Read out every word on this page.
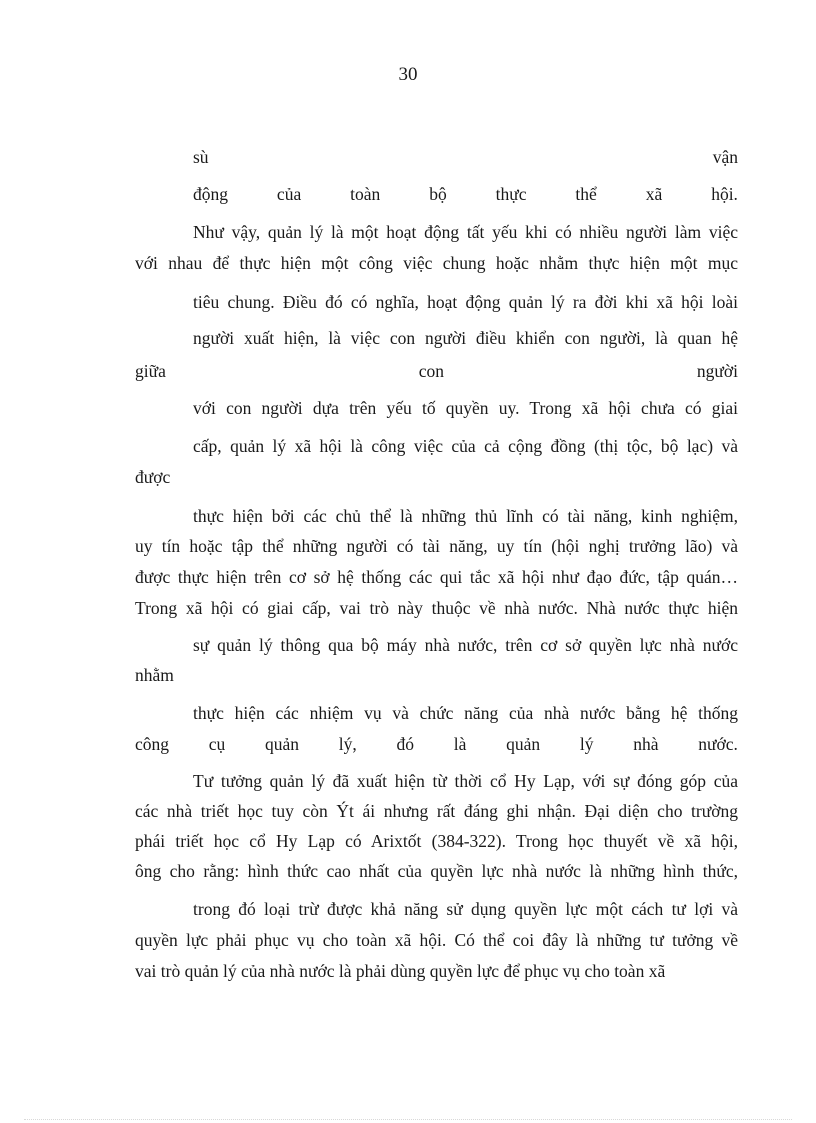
30
sù	vận
động	của	toàn	bộ	thực	thể	xã	hội.
Như vậy, quản lý là một hoạt động tất yếu khi có nhiều người làm việc
với nhau để thực hiện một công việc chung hoặc nhằm thực hiện một mục
tiêu chung. Điều đó có nghĩa, hoạt động quản lý ra đời khi xã hội loài
người xuất hiện, là việc con người điều khiển con người, là quan hệ
giữa	con	người
với con người dựa trên yếu tố quyền uy. Trong xã hội chưa có giai
cấp, quản lý xã hội là công việc của cả cộng đồng (thị tộc, bộ lạc) và
được
thực hiện bởi các chủ thể là những thủ lĩnh có tài năng, kinh nghiệm,
uy tín hoặc tập thể những người có tài năng, uy tín (hội nghị trưởng lão) và
được thực hiện trên cơ sở hệ thống các qui tắc xã hội như đạo đức, tập quán…
Trong xã hội có giai cấp, vai trò này thuộc về nhà nước. Nhà nước thực hiện
sự quản lý thông qua bộ máy nhà nước, trên cơ sở quyền lực nhà nước
nhằm
thực hiện các nhiệm vụ và chức năng của nhà nước bằng hệ thống
công cụ quản lý, đó là quản lý nhà nước.
Tư tưởng quản lý đã xuất hiện từ thời cổ Hy Lạp, với sự đóng góp của
các nhà triết học tuy còn Ýt ái nhưng rất đáng ghi nhận. Đại diện cho trường
phái triết học cổ Hy Lạp có Arixtốt (384-322). Trong học thuyết về xã hội,
ông cho rằng: hình thức cao nhất của quyền lực nhà nước là những hình thức,
trong đó loại trừ được khả năng sử dụng quyền lực một cách tư lợi và
quyền lực phải phục vụ cho toàn xã hội. Có thể coi đây là những tư tưởng về
vai trò quản lý của nhà nước là phải dùng quyền lực để phục vụ cho toàn xã
